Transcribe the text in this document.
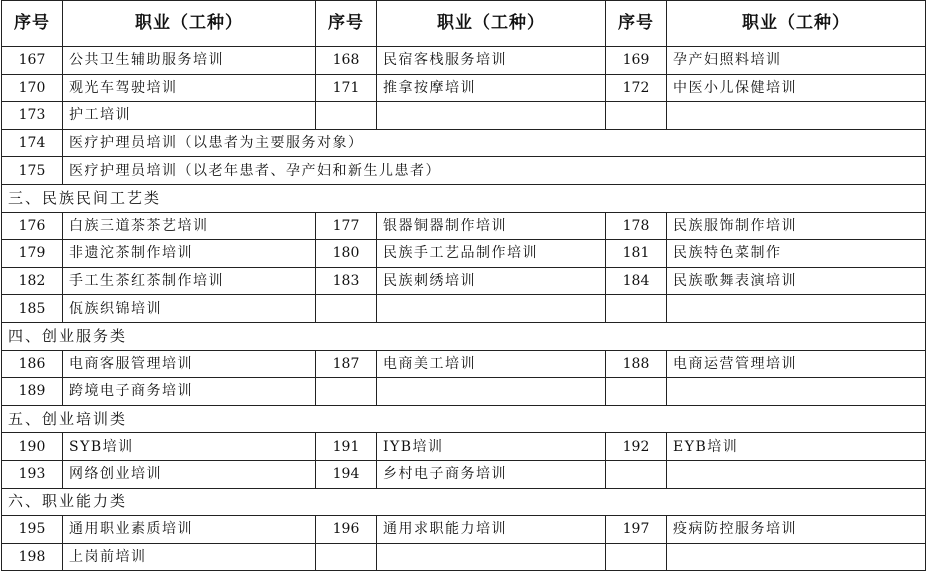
序号	职业（工种）	序号	职业（工种）	序号	职业（工种）
167	公共卫生辅助服务培训	168	民宿客栈服务培训	169	孕产妇照料培训
170	观光车驾驶培训	171	推拿按摩培训	172	中医小儿保健培训
173	护工培训				
174	医疗护理员培训（以患者为主要服务对象）				
175	医疗护理员培训（以老年患者、孕产妇和新生儿患者）				
三、民族民间工艺类					
176	白族三道茶茶艺培训	177	银器铜器制作培训	178	民族服饰制作培训
179	非遗沱茶制作培训	180	民族手工艺品制作培训	181	民族特色菜制作
182	手工生茶红茶制作培训	183	民族刺绣培训	184	民族歌舞表演培训
185	佤族织锦培训				
四、创业服务类					
186	电商客服管理培训	187	电商美工培训	188	电商运营管理培训
189	跨境电子商务培训				
五、创业培训类					
190	SYB培训	191	IYB培训	192	EYB培训
193	网络创业培训	194	乡村电子商务培训		
六、职业能力类					
195	通用职业素质培训	196	通用求职能力培训	197	疫病防控服务培训
198	上岗前培训				
